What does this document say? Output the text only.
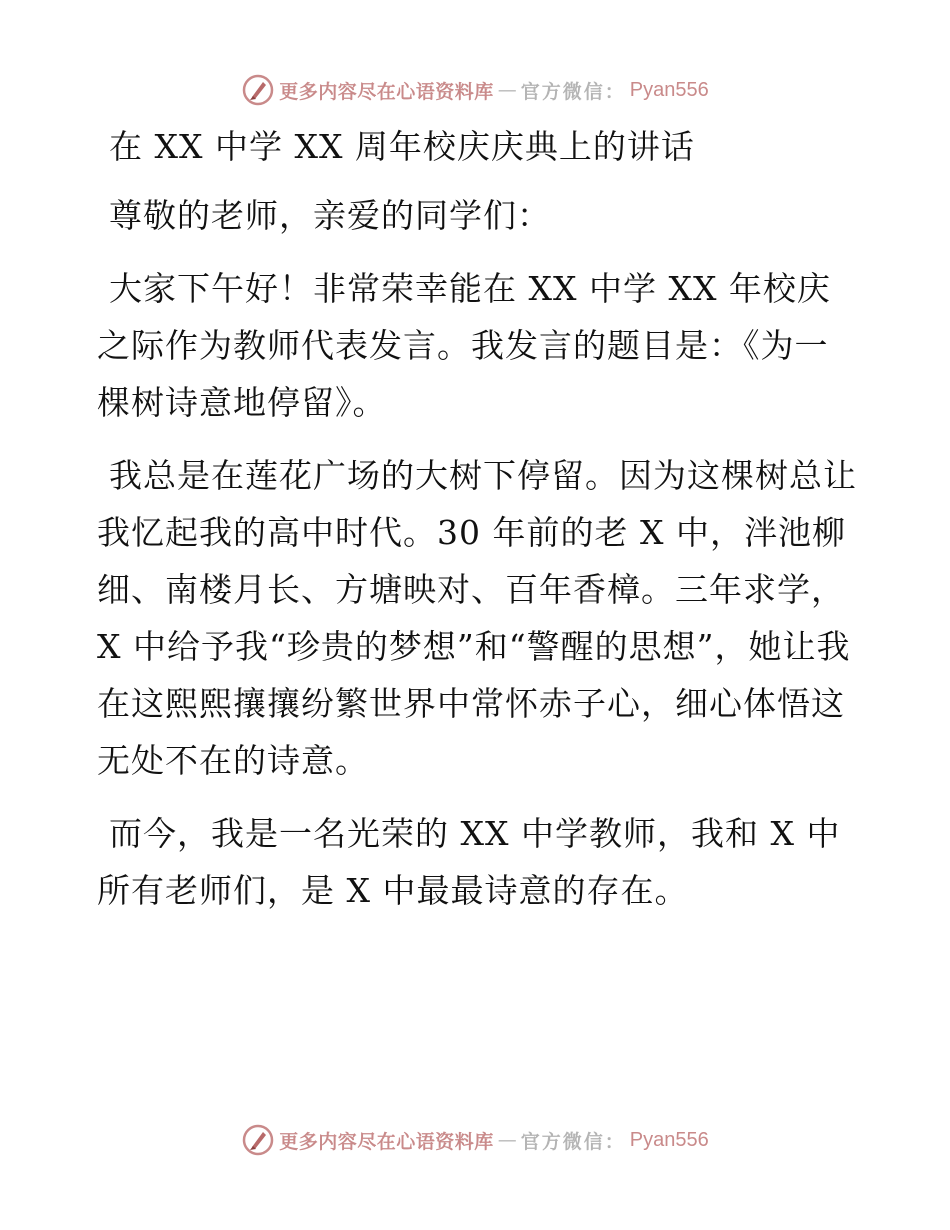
更多内容尽在心语资料库 — 官方微信： Pyan556

在 XX 中学 XX 周年校庆庆典上的讲话

尊敬的老师，亲爱的同学们：

大家下午好！非常荣幸能在 XX 中学 XX 年校庆之际作为教师代表发言。我发言的题目是：《为一棵树诗意地停留》。

我总是在莲花广场的大树下停留。因为这棵树总让我忆起我的高中时代。30 年前的老 X 中，泮池柳细、南楼月长、方塘映对、百年香樟。三年求学，X 中给予我“珍贵的梦想”和“警醒的思想”，她让我在这熙熙攘攘纷繁世界中常怀赤子心，细心体悟这无处不在的诗意。

而今，我是一名光荣的 XX 中学教师，我和 X 中所有老师们，是 X 中最最诗意的存在。

更多内容尽在心语资料库 — 官方微信： Pyan556
